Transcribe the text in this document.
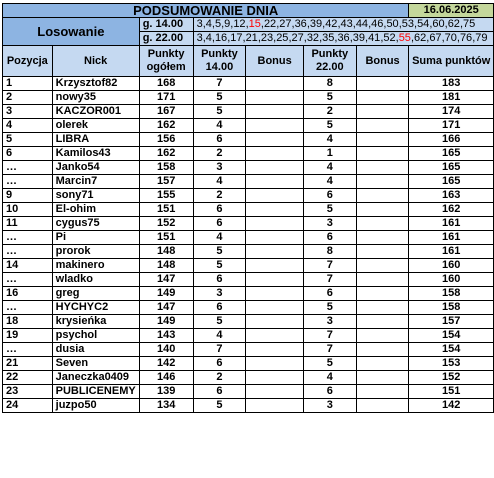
PODSUMOWANIE DNIA							16.06.2025
Losowanie		g. 14.00	3,4,5,9,12,15,22,27,36,39,42,43,44,46,50,53,54,60,62,75				
		g. 22.00	3,4,16,17,21,23,25,27,32,35,36,39,41,52,55,62,67,70,76,79				
Pozycja	Nick	Punkty ogółem	Punkty 14.00	Bonus	Punkty 22.00	Bonus	Suma punktów
1	Krzysztof82	168	7		8		183
2	nowy35	171	5		5		181
3	KACZOR001	167	5		2		174
4	olerek	162	4		5		171
5	LIBRA	156	6		4		166
6	Kamilos43	162	2		1		165
…	Janko54	158	3		4		165
…	Marcin7	157	4		4		165
9	sony71	155	2		6		163
10	El-ohim	151	6		5		162
11	cygus75	152	6		3		161
…	Pi	151	4		6		161
…	prorok	148	5		8		161
14	makinero	148	5		7		160
…	wladko	147	6		7		160
16	greg	149	3		6		158
…	HYCHYC2	147	6		5		158
18	krysieńka	149	5		3		157
19	psychol	143	4		7		154
…	dusia	140	7		7		154
21	Seven	142	6		5		153
22	Janeczka0409	146	2		4		152
23	PUBLICENEMY	139	6		6		151
24	juzpo50	134	5		3		142
